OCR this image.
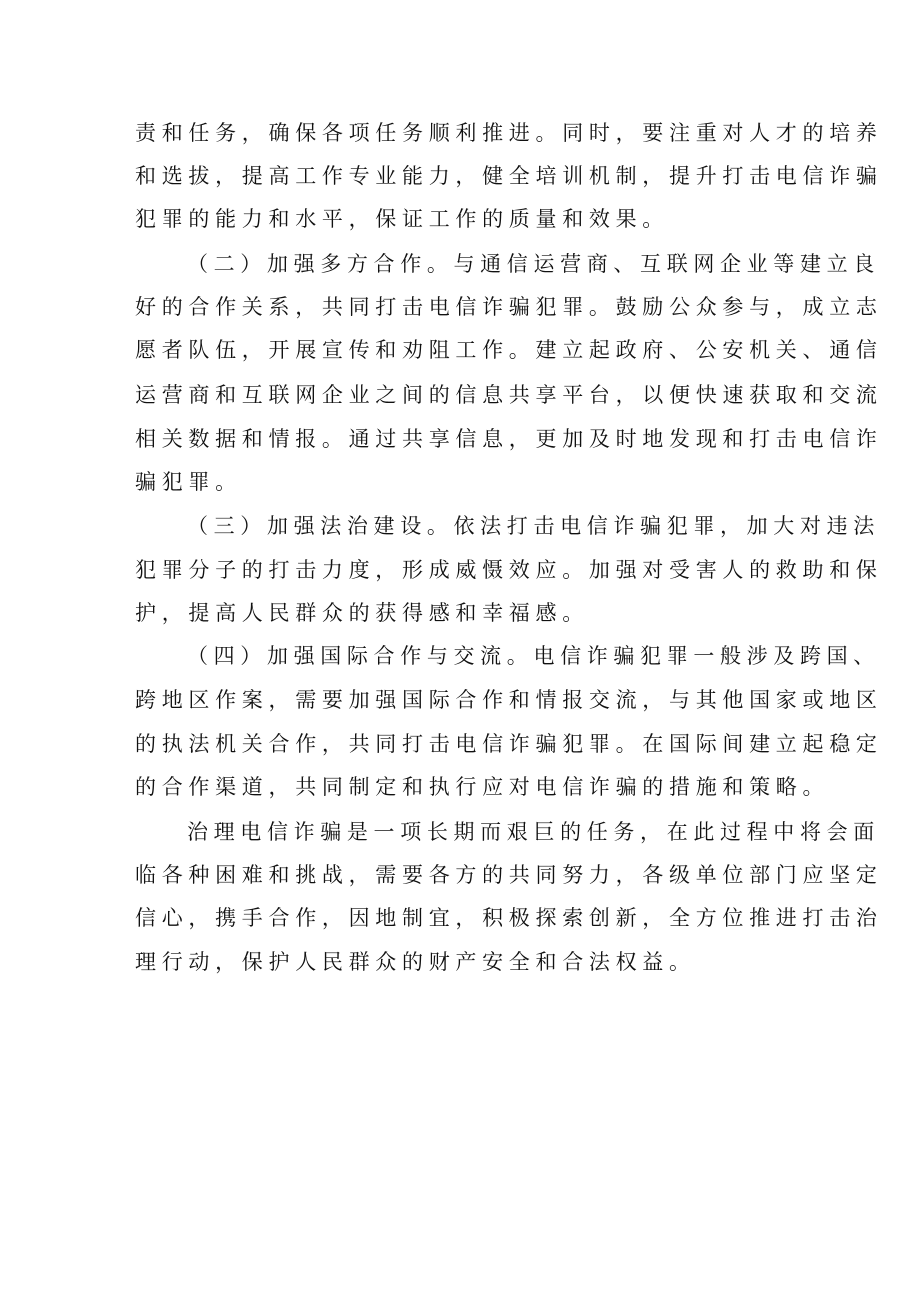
责和任务，确保各项任务顺利推进。同时，要注重对人才的培养
和选拔，提高工作专业能力，健全培训机制，提升打击电信诈骗
犯罪的能力和水平，保证工作的质量和效果。
（二）加强多方合作。与通信运营商、互联网企业等建立良
好的合作关系，共同打击电信诈骗犯罪。鼓励公众参与，成立志
愿者队伍，开展宣传和劝阻工作。建立起政府、公安机关、通信
运营商和互联网企业之间的信息共享平台，以便快速获取和交流
相关数据和情报。通过共享信息，更加及时地发现和打击电信诈
骗犯罪。
（三）加强法治建设。依法打击电信诈骗犯罪，加大对违法
犯罪分子的打击力度，形成威慑效应。加强对受害人的救助和保
护，提高人民群众的获得感和幸福感。
（四）加强国际合作与交流。电信诈骗犯罪一般涉及跨国、
跨地区作案，需要加强国际合作和情报交流，与其他国家或地区
的执法机关合作，共同打击电信诈骗犯罪。在国际间建立起稳定
的合作渠道，共同制定和执行应对电信诈骗的措施和策略。
治理电信诈骗是一项长期而艰巨的任务，在此过程中将会面
临各种困难和挑战，需要各方的共同努力，各级单位部门应坚定
信心，携手合作，因地制宜，积极探索创新，全方位推进打击治
理行动，保护人民群众的财产安全和合法权益。
